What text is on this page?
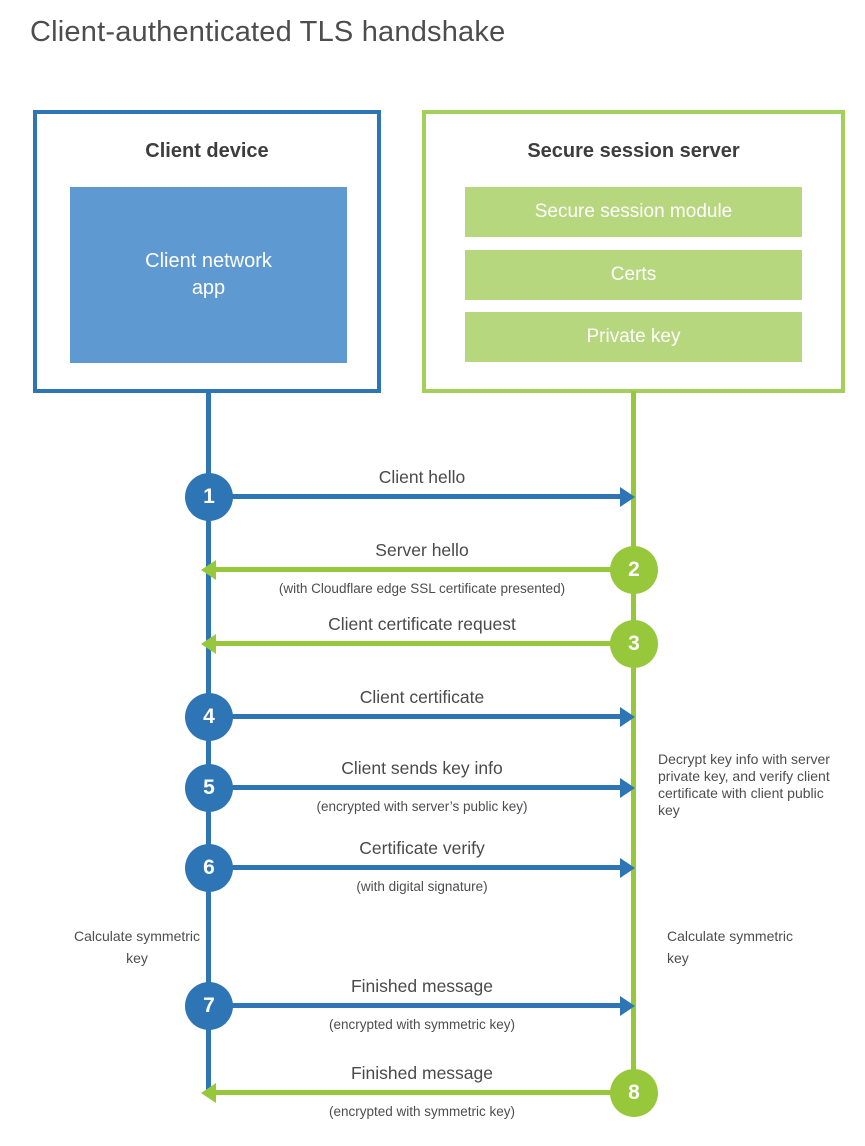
Client-authenticated TLS handshake
Client device
Client network
app
Secure session server
Secure session module
Certs
Private key
1
Client hello
2
Server hello
(with Cloudflare edge SSL certificate presented)
3
Client certificate request
4
Client certificate
5
Client sends key info
(encrypted with server’s public key)
6
Certificate verify
(with digital signature)
7
Finished message
(encrypted with symmetric key)
8
Finished message
(encrypted with symmetric key)
Decrypt key info with server private key, and verify client certificate with client public key
Calculate symmetric key
Calculate symmetric key
